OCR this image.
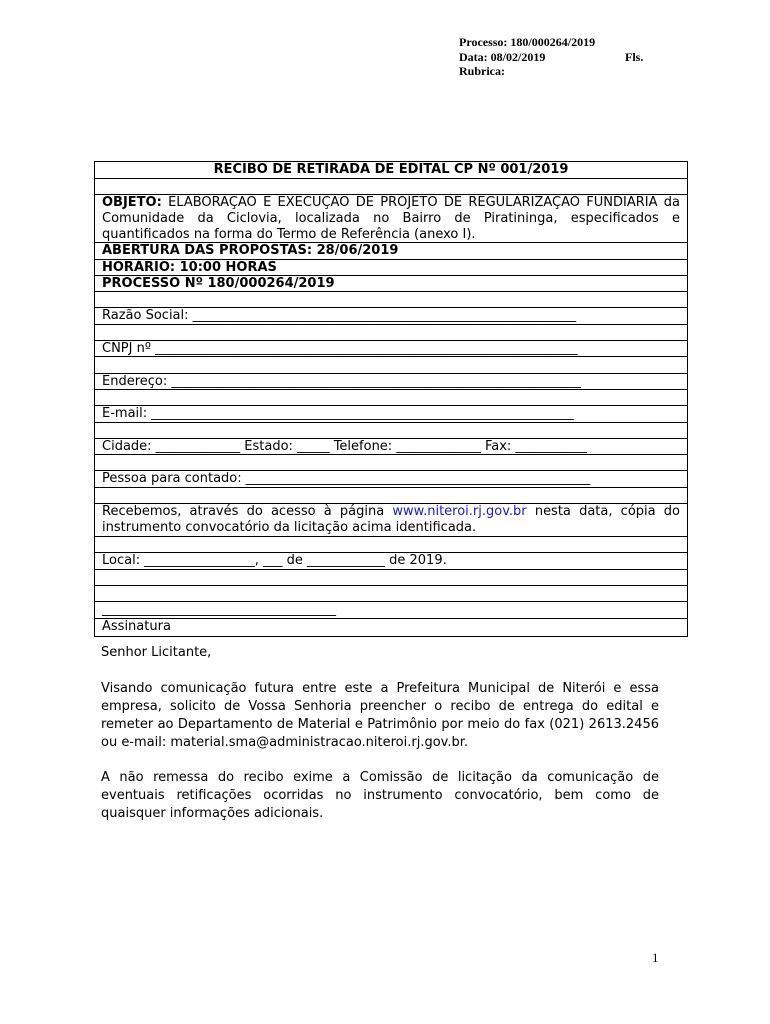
Processo: 180/000264/2019
Data: 08/02/2019	Fls.
Rubrica:
RECIBO DE RETIRADA DE EDITAL CP Nº 001/2019
OBJETO: ELABORAÇÃO E EXECUÇÃO DE PROJETO DE REGULARIZAÇÃO FUNDIÁRIA da Comunidade da Ciclovia, localizada no Bairro de Piratininga, especificados e quantificados na forma do Termo de Referência (anexo I).
ABERTURA DAS PROPOSTAS: 28/06/2019
HORÁRIO: 10:00 HORAS
PROCESSO Nº 180/000264/2019
Razão Social: ___________________________________________________________
CNPJ nº _________________________________________________________________
Endereço: _______________________________________________________________
E-mail: _________________________________________________________________
Cidade: _____________ Estado: _____ Telefone: _____________ Fax: ___________
Pessoa para contado: _____________________________________________________
Recebemos, através do acesso à página www.niteroi.rj.gov.br nesta data, cópia do instrumento convocatório da licitação acima identificada.
Local: _________________, ___ de ____________ de 2019.
____________________________________
Assinatura
Senhor Licitante,
Visando comunicação futura entre este a Prefeitura Municipal de Niterói e essa empresa, solicito de Vossa Senhoria preencher o recibo de entrega do edital e remeter ao Departamento de Material e Patrimônio por meio do fax (021) 2613.2456 ou e-mail: material.sma@administracao.niteroi.rj.gov.br.
A não remessa do recibo exime a Comissão de licitação da comunicação de eventuais retificações ocorridas no instrumento convocatório, bem como de quaisquer informações adicionais.
1
